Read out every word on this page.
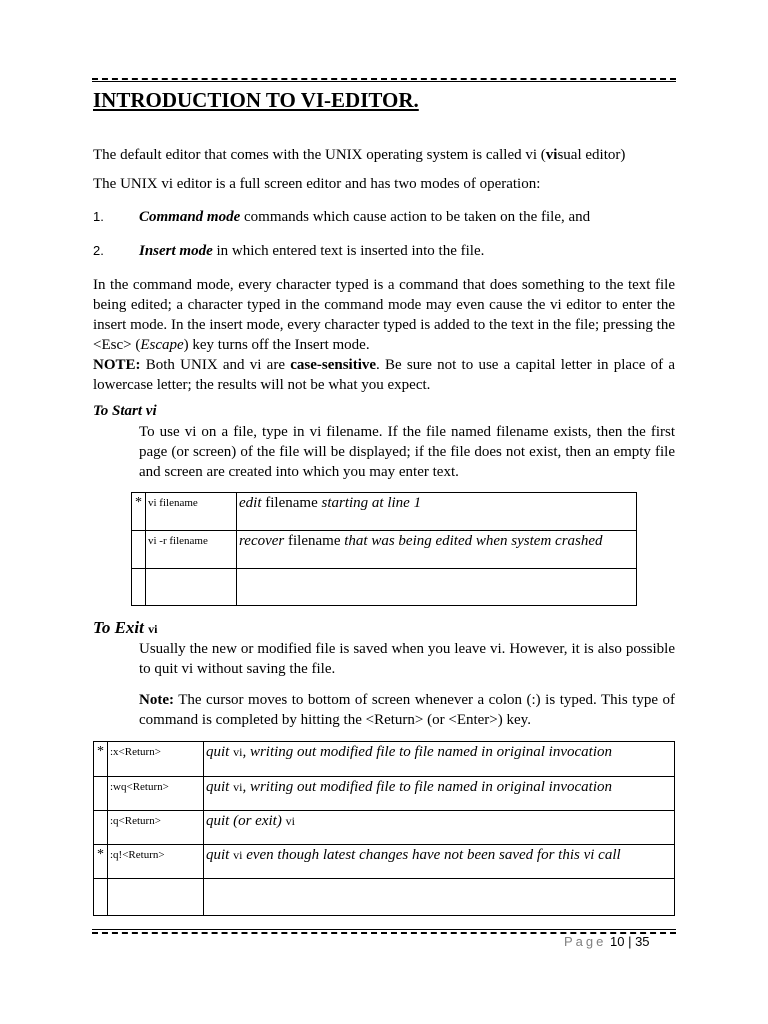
INTRODUCTION TO VI-EDITOR.
The default editor that comes with the UNIX operating system is called vi (visual editor)
The UNIX vi editor is a full screen editor and has two modes of operation:
1. Command mode commands which cause action to be taken on the file, and
2. Insert mode in which entered text is inserted into the file.
In the command mode, every character typed is a command that does something to the text file being edited; a character typed in the command mode may even cause the vi editor to enter the insert mode. In the insert mode, every character typed is added to the text in the file; pressing the <Esc> (Escape) key turns off the Insert mode.
NOTE: Both UNIX and vi are case-sensitive. Be sure not to use a capital letter in place of a lowercase letter; the results will not be what you expect.
To Start vi
To use vi on a file, type in vi filename. If the file named filename exists, then the first page (or screen) of the file will be displayed; if the file does not exist, then an empty file and screen are created into which you may enter text.
*	vi filename	edit filename starting at line 1
	vi -r filename	recover filename that was being edited when system crashed

To Exit vi
Usually the new or modified file is saved when you leave vi. However, it is also possible to quit vi without saving the file.
Note: The cursor moves to bottom of screen whenever a colon (:) is typed. This type of command is completed by hitting the <Return> (or <Enter>) key.
*	:x<Return>	quit vi, writing out modified file to file named in original invocation
	:wq<Return>	quit vi, writing out modified file to file named in original invocation
	:q<Return>	quit (or exit) vi
*	:q!<Return>	quit vi even though latest changes have not been saved for this vi call

Page 10 | 35
